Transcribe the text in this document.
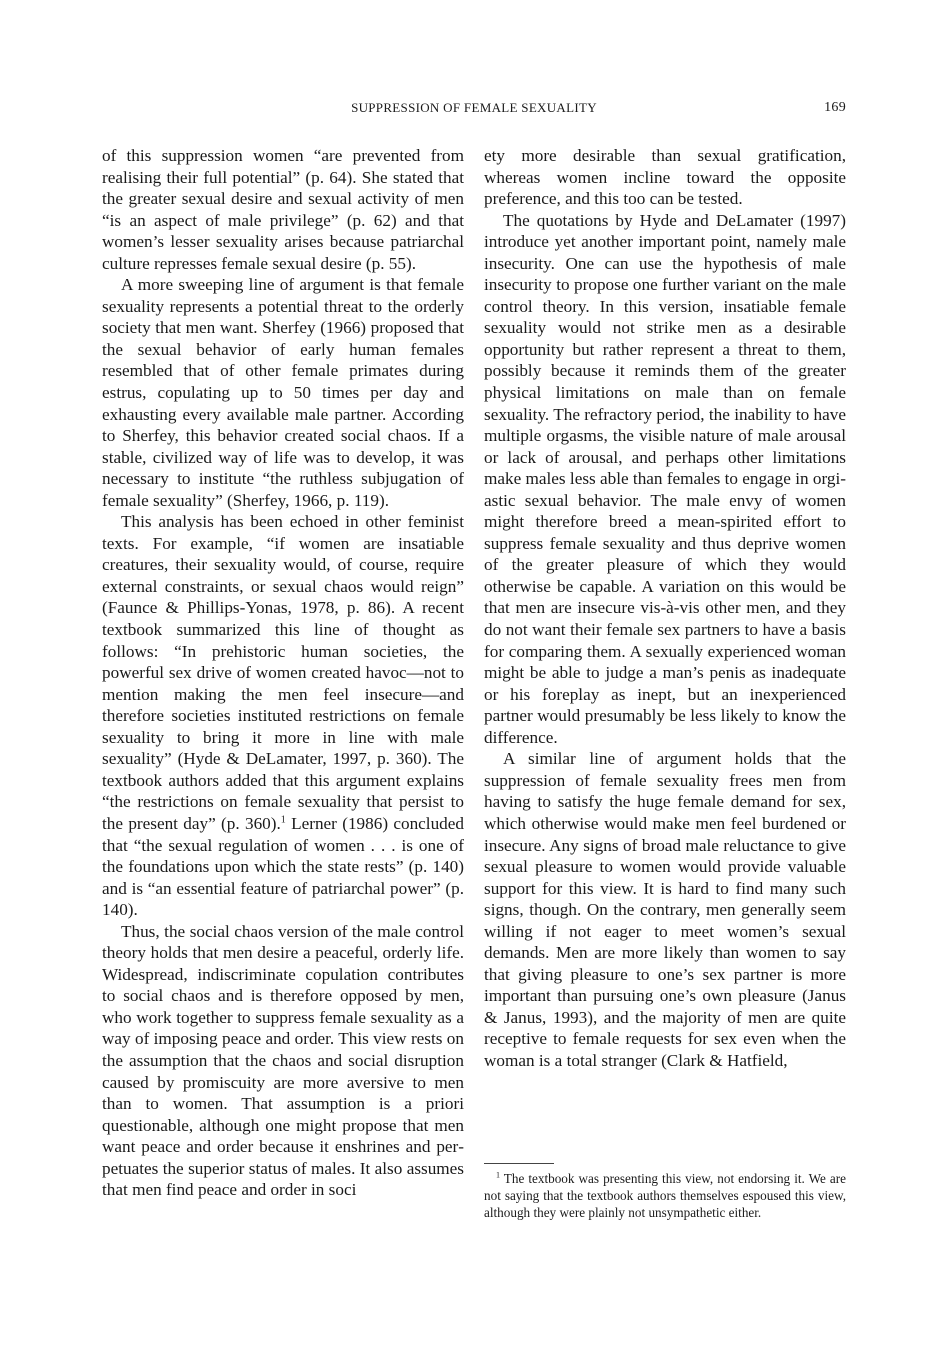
SUPPRESSION OF FEMALE SEXUALITY	169

of this suppression women “are prevented from realising their full potential” (p. 64). She stated that the greater sexual desire and sexual activity of men “is an aspect of male privilege” (p. 62) and that women’s lesser sexuality arises because patriarchal culture represses female sexual desire (p. 55).

A more sweeping line of argument is that female sexuality represents a potential threat to the orderly society that men want. Sherfey (1966) proposed that the sexual behavior of early human females resembled that of other female primates during estrus, copulating up to 50 times per day and exhausting every available male partner. According to Sherfey, this behavior created social chaos. If a stable, civilized way of life was to develop, it was necessary to institute “the ruthless subjugation of female sexuality” (Sherfey, 1966, p. 119).

This analysis has been echoed in other feminist texts. For example, “if women are insatiable creatures, their sexuality would, of course, require external constraints, or sexual chaos would reign” (Faunce & Phillips-Yonas, 1978, p. 86). A recent textbook summarized this line of thought as follows: “In prehistoric human societies, the powerful sex drive of women created havoc—not to mention making the men feel insecure—and therefore societies instituted restrictions on female sexuality to bring it more in line with male sexuality” (Hyde & DeLamater, 1997, p. 360). The textbook authors added that this argument explains “the restrictions on female sexuality that persist to the present day” (p. 360).$^1$ Lerner (1986) concluded that “the sexual regulation of women . . . is one of the foundations upon which the state rests” (p. 140) and is “an essential feature of patriarchal power” (p. 140).

Thus, the social chaos version of the male control theory holds that men desire a peaceful, orderly life. Widespread, indiscriminate copulation contributes to social chaos and is therefore opposed by men, who work together to suppress female sexuality as a way of imposing peace and order. This view rests on the assumption that the chaos and social disruption caused by promiscuity are more aversive to men than to women. That assumption is a priori questionable, although one might propose that men want peace and order because it enshrines and perpetuates the superior status of males. It also assumes that men find peace and order in soci

ety more desirable than sexual gratification, whereas women incline toward the opposite preference, and this too can be tested.

The quotations by Hyde and DeLamater (1997) introduce yet another important point, namely male insecurity. One can use the hypothesis of male insecurity to propose one further variant on the male control theory. In this version, insatiable female sexuality would not strike men as a desirable opportunity but rather represent a threat to them, possibly because it reminds them of the greater physical limitations on male than on female sexuality. The refractory period, the inability to have multiple orgasms, the visible nature of male arousal or lack of arousal, and perhaps other limitations make males less able than females to engage in orgiastic sexual behavior. The male envy of women might therefore breed a mean-spirited effort to suppress female sexuality and thus deprive women of the greater pleasure of which they would otherwise be capable. A variation on this would be that men are insecure vis-à-vis other men, and they do not want their female sex partners to have a basis for comparing them. A sexually experienced woman might be able to judge a man’s penis as inadequate or his foreplay as inept, but an inexperienced partner would presumably be less likely to know the difference.

A similar line of argument holds that the suppression of female sexuality frees men from having to satisfy the huge female demand for sex, which otherwise would make men feel burdened or insecure. Any signs of broad male reluctance to give sexual pleasure to women would provide valuable support for this view. It is hard to find many such signs, though. On the contrary, men generally seem willing if not eager to meet women’s sexual demands. Men are more likely than women to say that giving pleasure to one’s sex partner is more important than pursuing one’s own pleasure (Janus & Janus, 1993), and the majority of men are quite receptive to female requests for sex even when the woman is a total stranger (Clark & Hatfield,

$^1$ The textbook was presenting this view, not endorsing it. We are not saying that the textbook authors themselves espoused this view, although they were plainly not unsympathetic either.
